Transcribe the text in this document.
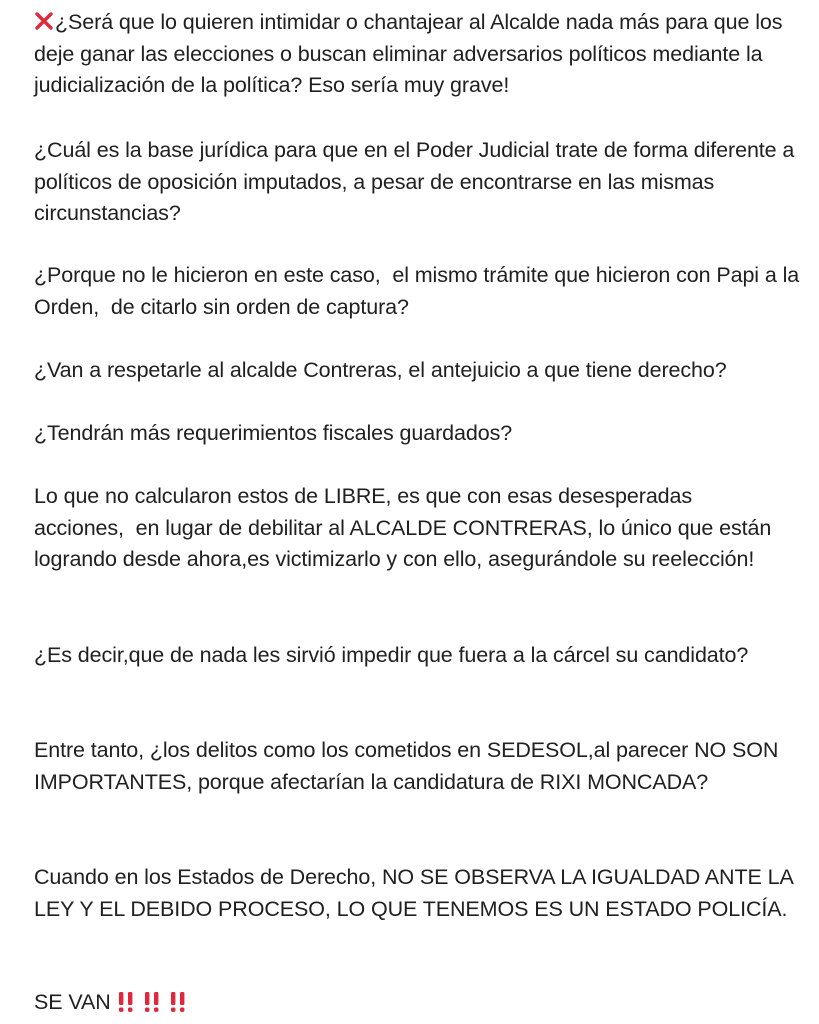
¿Será que lo quieren intimidar o chantajear al Alcalde nada más para que los deje ganar las elecciones o buscan eliminar adversarios políticos mediante la judicialización de la política? Eso sería muy grave!

¿Cuál es la base jurídica para que en el Poder Judicial trate de forma diferente a políticos de oposición imputados, a pesar de encontrarse en las mismas circunstancias?

¿Porque no le hicieron en este caso,  el mismo trámite que hicieron con Papi a la Orden,  de citarlo sin orden de captura?

¿Van a respetarle al alcalde Contreras, el antejuicio a que tiene derecho?

¿Tendrán más requerimientos fiscales guardados?

Lo que no calcularon estos de LIBRE, es que con esas desesperadas acciones,  en lugar de debilitar al ALCALDE CONTRERAS, lo único que están logrando desde ahora,es victimizarlo y con ello, asegurándole su reelección!

¿Es decir,que de nada les sirvió impedir que fuera a la cárcel su candidato?

Entre tanto, ¿los delitos como los cometidos en SEDESOL,al parecer NO SON IMPORTANTES, porque afectarían la candidatura de RIXI MONCADA?

Cuando en los Estados de Derecho, NO SE OBSERVA LA IGUALDAD ANTE LA LEY Y EL DEBIDO PROCESO, LO QUE TENEMOS ES UN ESTADO POLICÍA.

SE VAN
